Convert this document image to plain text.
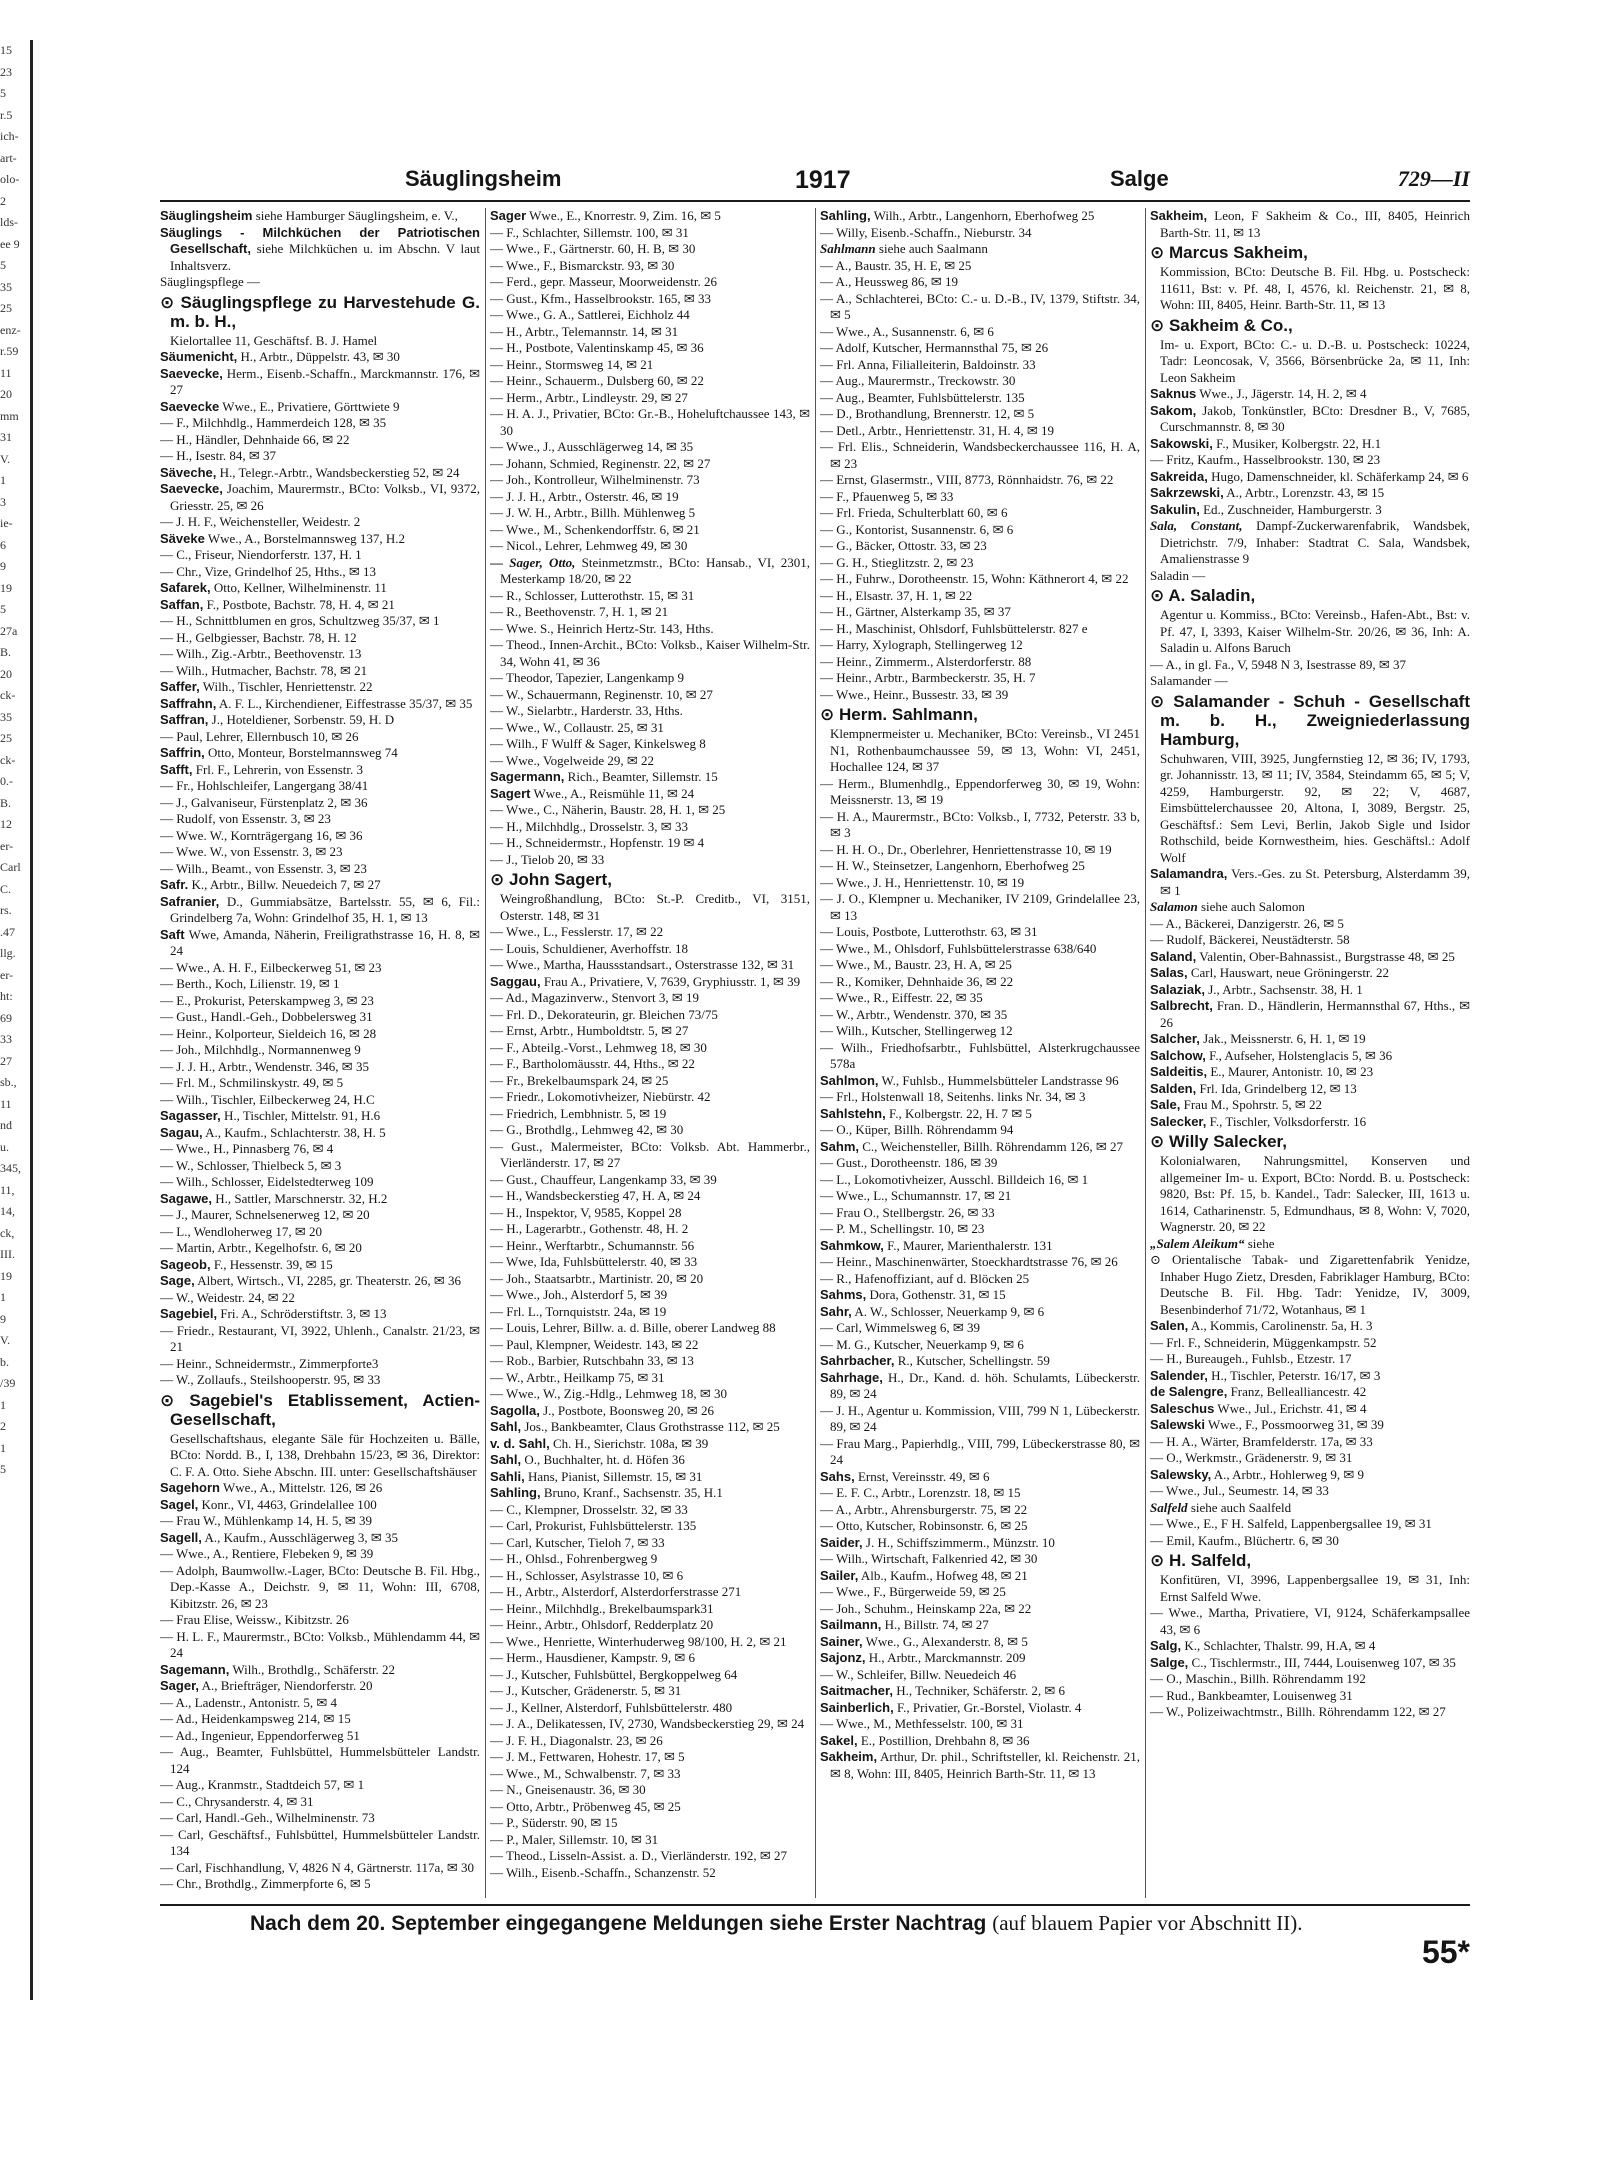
15
23
5
r.5
ich-
art-
olo-
2
lds-
ee 9
5
35
25
enz-
r.59
11
20
mm
31
V.
1
3
ie-
6
9
19
5
27a
B.
20
ck-
35
25
ck-
0.-
B.
12
er-
Carl
C.
rs.
.47
llg.
er-
ht:
69
33
27
sb.,
11
nd
u.
345,
11,
14,
ck,
III.
19
1
9
V.
b.
/39
1
2
1
5
Säuglingsheim	1917	Salge	729—II
Säuglingsheim siehe Hamburger Säuglingsheim, e. V.,
Säuglings - Milchküchen der Patriotischen Gesellschaft, siehe Milchküchen u. im Abschn. V laut Inhaltsverz.
Säuglingspflege —
⊙ Säuglingspflege zu Harvestehude G. m. b. H.,
Kielortallee 11, Geschäftsf. B. J. Hamel
Säumenicht, H., Arbtr., Düppelstr. 43, ✉ 30
Saevecke, Herm., Eisenb.-Schaffn., Marckmannstr. 176, ✉ 27
Saevecke Wwe., E., Privatiere, Görttwiete 9
— F., Milchhdlg., Hammerdeich 128, ✉ 35
— H., Händler, Dehnhaide 66, ✉ 22
— H., Isestr. 84, ✉ 37
Säveche, H., Telegr.-Arbtr., Wandsbeckerstieg 52, ✉ 24
Saevecke, Joachim, Maurermstr., BCto: Volksb., VI, 9372, Griesstr. 25, ✉ 26
— J. H. F., Weichensteller, Weidestr. 2
Säveke Wwe., A., Borstelmannsweg 137, H.2
— C., Friseur, Niendorferstr. 137, H. 1
— Chr., Vize, Grindelhof 25, Hths., ✉ 13
Safarek, Otto, Kellner, Wilhelminenstr. 11
Saffan, F., Postbote, Bachstr. 78, H. 4, ✉ 21
— H., Schnittblumen en gros, Schultzweg 35/37, ✉ 1
— H., Gelbgiesser, Bachstr. 78, H. 12
— Wilh., Zig.-Arbtr., Beethovenstr. 13
— Wilh., Hutmacher, Bachstr. 78, ✉ 21
Saffer, Wilh., Tischler, Henriettenstr. 22
Saffrahn, A. F. L., Kirchendiener, Eiffestrasse 35/37, ✉ 35
Saffran, J., Hoteldiener, Sorbenstr. 59, H. D
— Paul, Lehrer, Ellernbusch 10, ✉ 26
Saffrin, Otto, Monteur, Borstelmannsweg 74
Safft, Frl. F., Lehrerin, von Essenstr. 3
— Fr., Hohlschleifer, Langergang 38/41
— J., Galvaniseur, Fürstenplatz 2, ✉ 36
— Rudolf, von Essenstr. 3, ✉ 23
— Wwe. W., Kornträgergang 16, ✉ 36
— Wwe. W., von Essenstr. 3, ✉ 23
— Wilh., Beamt., von Essenstr. 3, ✉ 23
Safr. K., Arbtr., Billw. Neuedeich 7, ✉ 27
Safranier, D., Gummiabsätze, Bartelsstr. 55, ✉ 6, Fil.: Grindelberg 7a, Wohn: Grindelhof 35, H. 1, ✉ 13
Saft Wwe, Amanda, Näherin, Freiligrathstrasse 16, H. 8, ✉ 24
— Wwe., A. H. F., Eilbeckerweg 51, ✉ 23
— Berth., Koch, Lilienstr. 19, ✉ 1
— E., Prokurist, Peterskampweg 3, ✉ 23
— Gust., Handl.-Geh., Dobbelersweg 31
— Heinr., Kolporteur, Sieldeich 16, ✉ 28
— Joh., Milchhdlg., Normannenweg 9
— J. J. H., Arbtr., Wendenstr. 346, ✉ 35
— Frl. M., Schmilinskystr. 49, ✉ 5
— Wilh., Tischler, Eilbeckerweg 24, H.C
Sagasser, H., Tischler, Mittelstr. 91, H.6
Sagau, A., Kaufm., Schlachterstr. 38, H. 5
— Wwe., H., Pinnasberg 76, ✉ 4
— W., Schlosser, Thielbeck 5, ✉ 3
— Wilh., Schlosser, Eidelstedterweg 109
Sagawe, H., Sattler, Marschnerstr. 32, H.2
— J., Maurer, Schnelsenerweg 12, ✉ 20
— L., Wendloherweg 17, ✉ 20
— Martin, Arbtr., Kegelhofstr. 6, ✉ 20
Sageob, F., Hessenstr. 39, ✉ 15
Sage, Albert, Wirtsch., VI, 2285, gr. Theaterstr. 26, ✉ 36
— W., Weidestr. 24, ✉ 22
Sagebiel, Fri. A., Schröderstiftstr. 3, ✉ 13
— Friedr., Restaurant, VI, 3922, Uhlenh., Canalstr. 21/23, ✉ 21
— Heinr., Schneidermstr., Zimmerpforte3
— W., Zollaufs., Steilshooperstr. 95, ✉ 33
⊙ Sagebiel's Etablissement, Actien-Gesellschaft,
Gesellschaftshaus, elegante Säle für Hochzeiten u. Bälle, BCto: Nordd. B., I, 138, Drehbahn 15/23, ✉ 36, Direktor: C. F. A. Otto. Siehe Abschn. III. unter: Gesellschaftshäuser
Sagehorn Wwe., A., Mittelstr. 126, ✉ 26
Sagel, Konr., VI, 4463, Grindelallee 100
— Frau W., Mühlenkamp 14, H. 5, ✉ 39
Sagell, A., Kaufm., Ausschlägerweg 3, ✉ 35
— Wwe., A., Rentiere, Flebeken 9, ✉ 39
— Adolph, Baumwollw.-Lager, BCto: Deutsche B. Fil. Hbg., Dep.-Kasse A., Deichstr. 9, ✉ 11, Wohn: III, 6708, Kibitzstr. 26, ✉ 23
— Frau Elise, Weissw., Kibitzstr. 26
— H. L. F., Maurermstr., BCto: Volksb., Mühlendamm 44, ✉ 24
Sagemann, Wilh., Brothdlg., Schäferstr. 22
Sager, A., Briefträger, Niendorferstr. 20
— A., Ladenstr., Antonistr. 5, ✉ 4
— Ad., Heidenkampsweg 214, ✉ 15
— Ad., Ingenieur, Eppendorferweg 51
— Aug., Beamter, Fuhlsbüttel, Hummelsbütteler Landstr. 124
— Aug., Kranmstr., Stadtdeich 57, ✉ 1
— C., Chrysanderstr. 4, ✉ 31
— Carl, Handl.-Geh., Wilhelminenstr. 73
— Carl, Geschäftsf., Fuhlsbüttel, Hummelsbütteler Landstr. 134
— Carl, Fischhandlung, V, 4826 N 4, Gärtnerstr. 117a, ✉ 30
— Chr., Brothdlg., Zimmerpforte 6, ✉ 5
Sager Wwe., E., Knorrestr. 9, Zim. 16, ✉ 5
— F., Schlachter, Sillemstr. 100, ✉ 31
— Wwe., F., Gärtnerstr. 60, H. B, ✉ 30
— Wwe., F., Bismarckstr. 93, ✉ 30
— Ferd., gepr. Masseur, Moorweidenstr. 26
— Gust., Kfm., Hasselbrookstr. 165, ✉ 33
— Wwe., G. A., Sattlerei, Eichholz 44
— H., Arbtr., Telemannstr. 14, ✉ 31
— H., Postbote, Valentinskamp 45, ✉ 36
— Heinr., Stormsweg 14, ✉ 21
— Heinr., Schauerm., Dulsberg 60, ✉ 22
— Herm., Arbtr., Lindleystr. 29, ✉ 27
— H. A. J., Privatier, BCto: Gr.-B., Hoheluftchaussee 143, ✉ 30
— Wwe., J., Ausschlägerweg 14, ✉ 35
— Johann, Schmied, Reginenstr. 22, ✉ 27
— Joh., Kontrolleur, Wilhelminenstr. 73
— J. J. H., Arbtr., Osterstr. 46, ✉ 19
— J. W. H., Arbtr., Billh. Mühlenweg 5
— Wwe., M., Schenkendorffstr. 6, ✉ 21
— Nicol., Lehrer, Lehmweg 49, ✉ 30
— Sager, Otto, Steinmetzmstr., BCto: Hansab., VI, 2301, Mesterkamp 18/20, ✉ 22
— R., Schlosser, Lutterothstr. 15, ✉ 31
— R., Beethovenstr. 7, H. 1, ✉ 21
— Wwe. S., Heinrich Hertz-Str. 143, Hths.
— Theod., Innen-Archit., BCto: Volksb., Kaiser Wilhelm-Str. 34, Wohn 41, ✉ 36
— Theodor, Tapezier, Langenkamp 9
— W., Schauermann, Reginenstr. 10, ✉ 27
— W., Sielarbtr., Harderstr. 33, Hths.
— Wwe., W., Collaustr. 25, ✉ 31
— Wilh., F Wulff & Sager, Kinkelsweg 8
— Wwe., Vogelweide 29, ✉ 22
Sagermann, Rich., Beamter, Sillemstr. 15
Sagert Wwe., A., Reismühle 11, ✉ 24
— Wwe., C., Näherin, Baustr. 28, H. 1, ✉ 25
— H., Milchhdlg., Drosselstr. 3, ✉ 33
— H., Schneidermstr., Hopfenstr. 19 ✉ 4
— J., Tielob 20, ✉ 33
⊙ John Sagert,
Weingroßhandlung, BCto: St.-P. Creditb., VI, 3151, Osterstr. 148, ✉ 31
— Wwe., L., Fesslerstr. 17, ✉ 22
— Louis, Schuldiener, Averhoffstr. 18
— Wwe., Martha, Haussstandsart., Osterstrasse 132, ✉ 31
Saggau, Frau A., Privatiere, V, 7639, Gryphiusstr. 1, ✉ 39
— Ad., Magazinverw., Stenvort 3, ✉ 19
— Frl. D., Dekorateurin, gr. Bleichen 73/75
— Ernst, Arbtr., Humboldtstr. 5, ✉ 27
— F., Abteilg.-Vorst., Lehmweg 18, ✉ 30
— F., Bartholomäusstr. 44, Hths., ✉ 22
— Fr., Brekelbaumspark 24, ✉ 25
— Friedr., Lokomotivheizer, Niebürstr. 42
— Friedrich, Lembhnistr. 5, ✉ 19
— G., Brothdlg., Lehmweg 42, ✉ 30
— Gust., Malermeister, BCto: Volksb. Abt. Hammerbr., Vierländerstr. 17, ✉ 27
— Gust., Chauffeur, Langenkamp 33, ✉ 39
— H., Wandsbeckerstieg 47, H. A, ✉ 24
— H., Inspektor, V, 9585, Koppel 28
— H., Lagerarbtr., Gothenstr. 48, H. 2
— Heinr., Werftarbtr., Schumannstr. 56
— Wwe, Ida, Fuhlsbüttelerstr. 40, ✉ 33
— Joh., Staatsarbtr., Martinistr. 20, ✉ 20
— Wwe., Joh., Alsterdorf 5, ✉ 39
— Frl. L., Tornquiststr. 24a, ✉ 19
— Louis, Lehrer, Billw. a. d. Bille, oberer Landweg 88
— Paul, Klempner, Weidestr. 143, ✉ 22
— Rob., Barbier, Rutschbahn 33, ✉ 13
— W., Arbtr., Heilkamp 75, ✉ 31
— Wwe., W., Zig.-Hdlg., Lehmweg 18, ✉ 30
Sagolla, J., Postbote, Boonsweg 20, ✉ 26
Sahl, Jos., Bankbeamter, Claus Grothstrasse 112, ✉ 25
v. d. Sahl, Ch. H., Sierichstr. 108a, ✉ 39
Sahl, O., Buchhalter, ht. d. Höfen 36
Sahli, Hans, Pianist, Sillemstr. 15, ✉ 31
Sahling, Bruno, Kranf., Sachsenstr. 35, H.1
— C., Klempner, Drosselstr. 32, ✉ 33
— Carl, Prokurist, Fuhlsbüttelerstr. 135
— Carl, Kutscher, Tieloh 7, ✉ 33
— H., Ohlsd., Fohrenbergweg 9
— H., Schlosser, Asylstrasse 10, ✉ 6
— H., Arbtr., Alsterdorf, Alsterdorferstrasse 271
— Heinr., Milchhdlg., Brekelbaumspark31
— Heinr., Arbtr., Ohlsdorf, Redderplatz 20
— Wwe., Henriette, Winterhuderweg 98/100, H. 2, ✉ 21
— Herm., Hausdiener, Kampstr. 9, ✉ 6
— J., Kutscher, Fuhlsbüttel, Bergkoppelweg 64
— J., Kutscher, Grädenerstr. 5, ✉ 31
— J., Kellner, Alsterdorf, Fuhlsbüttelerstr. 480
— J. A., Delikatessen, IV, 2730, Wandsbeckerstieg 29, ✉ 24
— J. F. H., Diagonalstr. 23, ✉ 26
— J. M., Fettwaren, Hohestr. 17, ✉ 5
— Wwe., M., Schwalbenstr. 7, ✉ 33
— N., Gneisenaustr. 36, ✉ 30
— Otto, Arbtr., Pröbenweg 45, ✉ 25
— P., Süderstr. 90, ✉ 15
— P., Maler, Sillemstr. 10, ✉ 31
— Theod., Lisseln-Assist. a. D., Vierländerstr. 192, ✉ 27
— Wilh., Eisenb.-Schaffn., Schanzenstr. 52
Sahling, Wilh., Arbtr., Langenhorn, Eberhofweg 25
— Willy, Eisenb.-Schaffn., Nieburstr. 34
Sahlmann siehe auch Saalmann
— A., Baustr. 35, H. E, ✉ 25
— A., Heussweg 86, ✉ 19
— A., Schlachterei, BCto: C.- u. D.-B., IV, 1379, Stiftstr. 34, ✉ 5
— Wwe., A., Susannenstr. 6, ✉ 6
— Adolf, Kutscher, Hermannsthal 75, ✉ 26
— Frl. Anna, Filialleiterin, Baldoinstr. 33
— Aug., Maurermstr., Treckowstr. 30
— Aug., Beamter, Fuhlsbüttelerstr. 135
— D., Brothandlung, Brennerstr. 12, ✉ 5
— Detl., Arbtr., Henriettenstr. 31, H. 4, ✉ 19
— Frl. Elis., Schneiderin, Wandsbeckerchaussee 116, H. A, ✉ 23
— Ernst, Glasermstr., VIII, 8773, Rönnhaidstr. 76, ✉ 22
— F., Pfauenweg 5, ✉ 33
— Frl. Frieda, Schulterblatt 60, ✉ 6
— G., Kontorist, Susannenstr. 6, ✉ 6
— G., Bäcker, Ottostr. 33, ✉ 23
— G. H., Stieglitzstr. 2, ✉ 23
— H., Fuhrw., Dorotheenstr. 15, Wohn: Käthnerort 4, ✉ 22
— H., Elsastr. 37, H. 1, ✉ 22
— H., Gärtner, Alsterkamp 35, ✉ 37
— H., Maschinist, Ohlsdorf, Fuhlsbüttelerstr. 827 e
— Harry, Xylograph, Stellingerweg 12
— Heinr., Zimmerm., Alsterdorferstr. 88
— Heinr., Arbtr., Barmbeckerstr. 35, H. 7
— Wwe., Heinr., Bussestr. 33, ✉ 39
⊙ Herm. Sahlmann,
Klempnermeister u. Mechaniker, BCto: Vereinsb., VI 2451 N1, Rothenbaumchaussee 59, ✉ 13, Wohn: VI, 2451, Hochallee 124, ✉ 37
— Herm., Blumenhdlg., Eppendorferweg 30, ✉ 19, Wohn: Meissnerstr. 13, ✉ 19
— H. A., Maurermstr., BCto: Volksb., I, 7732, Peterstr. 33 b, ✉ 3
— H. H. O., Dr., Oberlehrer, Henriettenstrasse 10, ✉ 19
— H. W., Steinsetzer, Langenhorn, Eberhofweg 25
— Wwe., J. H., Henriettenstr. 10, ✉ 19
— J. O., Klempner u. Mechaniker, IV 2109, Grindelallee 23, ✉ 13
— Louis, Postbote, Lutterothstr. 63, ✉ 31
— Wwe., M., Ohlsdorf, Fuhlsbüttelerstrasse 638/640
— Wwe., M., Baustr. 23, H. A, ✉ 25
— R., Komiker, Dehnhaide 36, ✉ 22
— Wwe., R., Eiffestr. 22, ✉ 35
— W., Arbtr., Wendenstr. 370, ✉ 35
— Wilh., Kutscher, Stellingerweg 12
— Wilh., Friedhofsarbtr., Fuhlsbüttel, Alsterkrugchaussee 578a
Sahlmon, W., Fuhlsb., Hummelsbütteler Landstrasse 96
— Frl., Holstenwall 18, Seitenhs. links Nr. 34, ✉ 3
Sahlstehn, F., Kolbergstr. 22, H. 7 ✉ 5
— O., Küper, Billh. Röhrendamm 94
Sahm, C., Weichensteller, Billh. Röhrendamm 126, ✉ 27
— Gust., Dorotheenstr. 186, ✉ 39
— L., Lokomotivheizer, Ausschl. Billdeich 16, ✉ 1
— Wwe., L., Schumannstr. 17, ✉ 21
— Frau O., Stellbergstr. 26, ✉ 33
— P. M., Schellingstr. 10, ✉ 23
Sahmkow, F., Maurer, Marienthalerstr. 131
— Heinr., Maschinenwärter, Stoeckhardtstrasse 76, ✉ 26
— R., Hafenoffiziant, auf d. Blöcken 25
Sahms, Dora, Gothenstr. 31, ✉ 15
Sahr, A. W., Schlosser, Neuerkamp 9, ✉ 6
— Carl, Wimmelsweg 6, ✉ 39
— M. G., Kutscher, Neuerkamp 9, ✉ 6
Sahrbacher, R., Kutscher, Schellingstr. 59
Sahrhage, H., Dr., Kand. d. höh. Schulamts, Lübeckerstr. 89, ✉ 24
— J. H., Agentur u. Kommission, VIII, 799 N 1, Lübeckerstr. 89, ✉ 24
— Frau Marg., Papierhdlg., VIII, 799, Lübeckerstrasse 80, ✉ 24
Sahs, Ernst, Vereinsstr. 49, ✉ 6
— E. F. C., Arbtr., Lorenzstr. 18, ✉ 15
— A., Arbtr., Ahrensburgerstr. 75, ✉ 22
— Otto, Kutscher, Robinsonstr. 6, ✉ 25
Saider, J. H., Schiffszimmerm., Münzstr. 10
— Wilh., Wirtschaft, Falkenried 42, ✉ 30
Sailer, Alb., Kaufm., Hofweg 48, ✉ 21
— Wwe., F., Bürgerweide 59, ✉ 25
— Joh., Schuhm., Heinskamp 22a, ✉ 22
Sailmann, H., Billstr. 74, ✉ 27
Sainer, Wwe., G., Alexanderstr. 8, ✉ 5
Sajonz, H., Arbtr., Marckmannstr. 209
— W., Schleifer, Billw. Neuedeich 46
Saitmacher, H., Techniker, Schäferstr. 2, ✉ 6
Sainberlich, F., Privatier, Gr.-Borstel, Violastr. 4
— Wwe., M., Methfesselstr. 100, ✉ 31
Sakel, E., Postillion, Drehbahn 8, ✉ 36
Sakheim, Arthur, Dr. phil., Schriftsteller, kl. Reichenstr. 21, ✉ 8, Wohn: III, 8405, Heinrich Barth-Str. 11, ✉ 13
Sakheim, Leon, F Sakheim & Co., III, 8405, Heinrich Barth-Str. 11, ✉ 13
⊙ Marcus Sakheim,
Kommission, BCto: Deutsche B. Fil. Hbg. u. Postscheck: 11611, Bst: v. Pf. 48, I, 4576, kl. Reichenstr. 21, ✉ 8, Wohn: III, 8405, Heinr. Barth-Str. 11, ✉ 13
⊙ Sakheim & Co.,
Im- u. Export, BCto: C.- u. D.-B. u. Postscheck: 10224, Tadr: Leoncosak, V, 3566, Börsenbrücke 2a, ✉ 11, Inh: Leon Sakheim
Saknus Wwe., J., Jägerstr. 14, H. 2, ✉ 4
Sakom, Jakob, Tonkünstler, BCto: Dresdner B., V, 7685, Curschmannstr. 8, ✉ 30
Sakowski, F., Musiker, Kolbergstr. 22, H.1
— Fritz, Kaufm., Hasselbrookstr. 130, ✉ 23
Sakreida, Hugo, Damenschneider, kl. Schäferkamp 24, ✉ 6
Sakrzewski, A., Arbtr., Lorenzstr. 43, ✉ 15
Sakulin, Ed., Zuschneider, Hamburgerstr. 3
Sala, Constant, Dampf-Zuckerwarenfabrik, Wandsbek, Dietrichstr. 7/9, Inhaber: Stadtrat C. Sala, Wandsbek, Amalienstrasse 9
Saladin —
⊙ A. Saladin,
Agentur u. Kommiss., BCto: Vereinsb., Hafen-Abt., Bst: v. Pf. 47, I, 3393, Kaiser Wilhelm-Str. 20/26, ✉ 36, Inh: A. Saladin u. Alfons Baruch
— A., in gl. Fa., V, 5948 N 3, Isestrasse 89, ✉ 37
Salamander —
⊙ Salamander - Schuh - Gesellschaft m. b. H., Zweigniederlassung Hamburg,
Schuhwaren, VIII, 3925, Jungfernstieg 12, ✉ 36; IV, 1793, gr. Johannisstr. 13, ✉ 11; IV, 3584, Steindamm 65, ✉ 5; V, 4259, Hamburgerstr. 92, ✉ 22; V, 4687, Eimsbüttelerchaussee 20, Altona, I, 3089, Bergstr. 25, Geschäftsf.: Sem Levi, Berlin, Jakob Sigle und Isidor Rothschild, beide Kornwestheim, hies. Geschäftsl.: Adolf Wolf
Salamandra, Vers.-Ges. zu St. Petersburg, Alsterdamm 39, ✉ 1
Salamon siehe auch Salomon
— A., Bäckerei, Danzigerstr. 26, ✉ 5
— Rudolf, Bäckerei, Neustädterstr. 58
Saland, Valentin, Ober-Bahnassist., Burgstrasse 48, ✉ 25
Salas, Carl, Hauswart, neue Gröningerstr. 22
Salaziak, J., Arbtr., Sachsenstr. 38, H. 1
Salbrecht, Fran. D., Händlerin, Hermannsthal 67, Hths., ✉ 26
Salcher, Jak., Meissnerstr. 6, H. 1, ✉ 19
Salchow, F., Aufseher, Holstenglacis 5, ✉ 36
Saldeitis, E., Maurer, Antonistr. 10, ✉ 23
Salden, Frl. Ida, Grindelberg 12, ✉ 13
Sale, Frau M., Spohrstr. 5, ✉ 22
Salecker, F., Tischler, Volksdorferstr. 16
⊙ Willy Salecker,
Kolonialwaren, Nahrungsmittel, Konserven und allgemeiner Im- u. Export, BCto: Nordd. B. u. Postscheck: 9820, Bst: Pf. 15, b. Kandel., Tadr: Salecker, III, 1613 u. 1614, Catharinenstr. 5, Edmundhaus, ✉ 8, Wohn: V, 7020, Wagnerstr. 20, ✉ 22
„Salem Aleikum“ siehe
⊙ Orientalische Tabak- und Zigarettenfabrik Yenidze, Inhaber Hugo Zietz, Dresden, Fabriklager Hamburg, BCto: Deutsche B. Fil. Hbg. Tadr: Yenidze, IV, 3009, Besenbinderhof 71/72, Wotanhaus, ✉ 1
Salen, A., Kommis, Carolinenstr. 5a, H. 3
— Frl. F., Schneiderin, Müggenkampstr. 52
— H., Bureaugeh., Fuhlsb., Etzestr. 17
Salender, H., Tischler, Peterstr. 16/17, ✉ 3
de Salengre, Franz, Bellealliancestr. 42
Saleschus Wwe., Jul., Erichstr. 41, ✉ 4
Salewski Wwe., F., Possmoorweg 31, ✉ 39
— H. A., Wärter, Bramfelderstr. 17a, ✉ 33
— O., Werkmstr., Grädenerstr. 9, ✉ 31
Salewsky, A., Arbtr., Hohlerweg 9, ✉ 9
— Wwe., Jul., Seumestr. 14, ✉ 33
Salfeld siehe auch Saalfeld
— Wwe., E., F H. Salfeld, Lappenbergsallee 19, ✉ 31
— Emil, Kaufm., Blüchertr. 6, ✉ 30
⊙ H. Salfeld,
Konfitüren, VI, 3996, Lappenbergsallee 19, ✉ 31, Inh: Ernst Salfeld Wwe.
— Wwe., Martha, Privatiere, VI, 9124, Schäferkampsallee 43, ✉ 6
Salg, K., Schlachter, Thalstr. 99, H.A, ✉ 4
Salge, C., Tischlermstr., III, 7444, Louisenweg 107, ✉ 35
— O., Maschin., Billh. Röhrendamm 192
— Rud., Bankbeamter, Louisenweg 31
— W., Polizeiwachtmstr., Billh. Röhrendamm 122, ✉ 27
Nach dem 20. September eingegangene Meldungen siehe Erster Nachtrag (auf blauem Papier vor Abschnitt II).
55*
